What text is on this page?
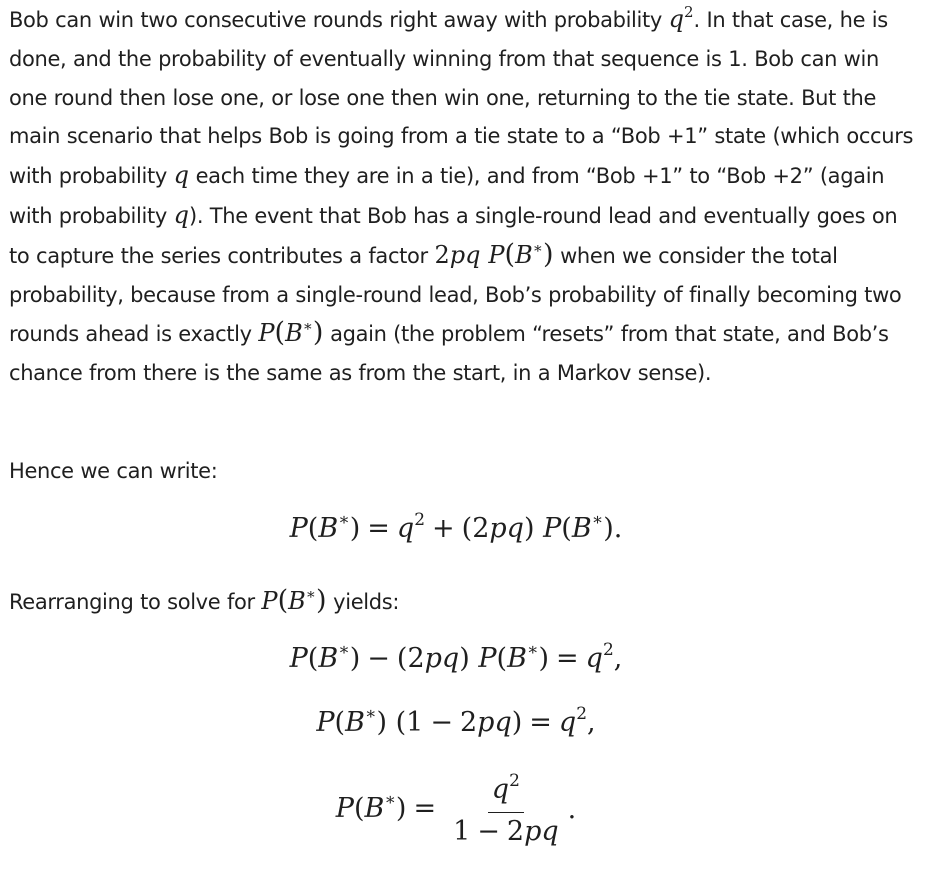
Bob can win two consecutive rounds right away with probability $q^2$. In that case, he is done, and the probability of eventually winning from that sequence is 1. Bob can win one round then lose one, or lose one then win one, returning to the tie state. But the main scenario that helps Bob is going from a tie state to a “Bob +1” state (which occurs with probability q each time they are in a tie), and from “Bob +1” to “Bob +2” (again with probability q). The event that Bob has a single-round lead and eventually goes on to capture the series contributes a factor 2pq P(B∗) when we consider the total probability, because from a single-round lead, Bob’s probability of finally becoming two rounds ahead is exactly P(B∗) again (the problem “resets” from that state, and Bob’s chance from there is the same as from the start, in a Markov sense).

Hence we can write:

$P(B^∗) = q^2 + (2pq)$ P(B∗).

Rearranging to solve for P(B∗) yields:

P(B∗) − (2pq) $P(B^∗) = q^2$,
P(B∗) $(1 - 2pq) = q^2$,
$P(B^∗) = \frac{q^2}{1 - 2pq}$ .
